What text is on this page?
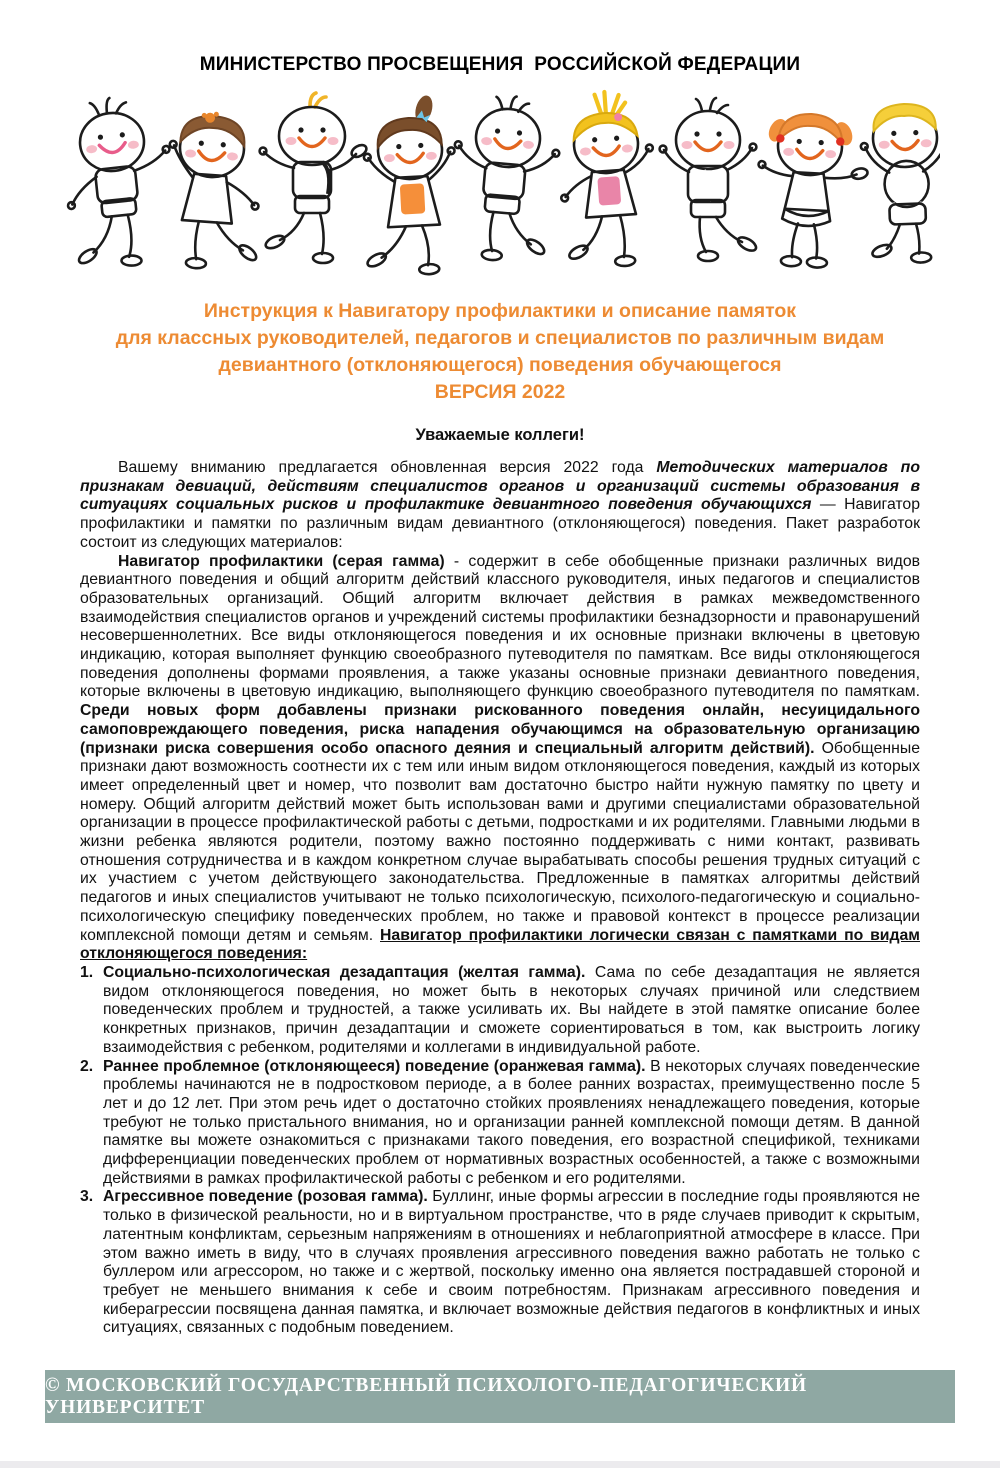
МИНИСТЕРСТВО ПРОСВЕЩЕНИЯ  РОССИЙСКОЙ ФЕДЕРАЦИИ
Инструкция к Навигатору профилактики и описание памяток
для классных руководителей, педагогов и специалистов по различным видам
девиантного (отклоняющегося) поведения обучающегося
ВЕРСИЯ 2022
Уважаемые коллеги!

Вашему вниманию предлагается обновленная версия 2022 года Методических материалов по признакам девиаций, действиям специалистов органов и организаций системы образования в ситуациях социальных рисков и профилактике девиантного поведения обучающихся — Навигатор профилактики и памятки по различным видам девиантного (отклоняющегося) поведения. Пакет разработок состоит из следующих материалов:

Навигатор профилактики (серая гамма) - содержит в себе обобщенные признаки различных видов девиантного поведения и общий алгоритм действий классного руководителя, иных педагогов и специалистов образовательных организаций. Общий алгоритм включает действия в рамках межведомственного взаимодействия специалистов органов и учреждений системы профилактики безнадзорности и правонарушений несовершеннолетних. Все виды отклоняющегося поведения и их основные признаки включены в цветовую индикацию, которая выполняет функцию своеобразного путеводителя по памяткам. Все виды отклоняющегося поведения дополнены формами проявления, а также указаны основные признаки девиантного поведения, которые включены в цветовую индикацию, выполняющего функцию своеобразного путеводителя по памяткам. Среди новых форм добавлены признаки рискованного поведения онлайн, несуицидального самоповреждающего поведения, риска нападения обучающимся на образовательную организацию (признаки риска совершения особо опасного деяния и специальный алгоритм действий). Обобщенные признаки дают возможность соотнести их с тем или иным видом отклоняющегося поведения, каждый из которых имеет определенный цвет и номер, что позволит вам достаточно быстро найти нужную памятку по цвету и номеру. Общий алгоритм действий может быть использован вами и другими специалистами образовательной организации в процессе профилактической работы с детьми, подростками и их родителями. Главными людьми в жизни ребенка являются родители, поэтому важно постоянно поддерживать с ними контакт, развивать отношения сотрудничества и в каждом конкретном случае вырабатывать способы решения трудных ситуаций с их участием с учетом действующего законодательства. Предложенные в памятках алгоритмы действий педагогов и иных специалистов учитывают не только психологическую, психолого-педагогическую и социально-психологическую специфику поведенческих проблем, но также и правовой контекст в процессе реализации комплексной помощи детям и семьям. Навигатор профилактики логически связан с памятками по видам отклоняющегося поведения:

1. Социально-психологическая дезадаптация (желтая гамма). Сама по себе дезадаптация не является видом отклоняющегося поведения, но может быть в некоторых случаях причиной или следствием поведенческих проблем и трудностей, а также усиливать их. Вы найдете в этой памятке описание более конкретных признаков, причин дезадаптации и сможете сориентироваться в том, как выстроить логику взаимодействия с ребенком, родителями и коллегами в индивидуальной работе.
2. Раннее проблемное (отклоняющееся) поведение (оранжевая гамма). В некоторых случаях поведенческие проблемы начинаются не в подростковом периоде, а в более ранних возрастах, преимущественно после 5 лет и до 12 лет. При этом речь идет о достаточно стойких проявлениях ненадлежащего поведения, которые требуют не только пристального внимания, но и организации ранней комплексной помощи детям. В данной памятке вы можете ознакомиться с признаками такого поведения, его возрастной спецификой, техниками дифференциации поведенческих проблем от нормативных возрастных особенностей, а также с возможными действиями в рамках профилактической работы с ребенком и его родителями.
3. Агрессивное поведение (розовая гамма). Буллинг, иные формы агрессии в последние годы проявляются не только в физической реальности, но и в виртуальном пространстве, что в ряде случаев приводит к скрытым, латентным конфликтам, серьезным напряжениям в отношениях и неблагоприятной атмосфере в классе. При этом важно иметь в виду, что в случаях проявления агрессивного поведения важно работать не только с буллером или агрессором, но также и с жертвой, поскольку именно она является пострадавшей стороной и требует не меньшего внимания к себе и своим потребностям. Признакам агрессивного поведения и киберагрессии посвящена данная памятка, и включает возможные действия педагогов в конфликтных и иных ситуациях, связанных с подобным поведением.
© МОСКОВСКИЙ ГОСУДАРСТВЕННЫЙ ПСИХОЛОГО-ПЕДАГОГИЧЕСКИЙ УНИВЕРСИТЕТ
